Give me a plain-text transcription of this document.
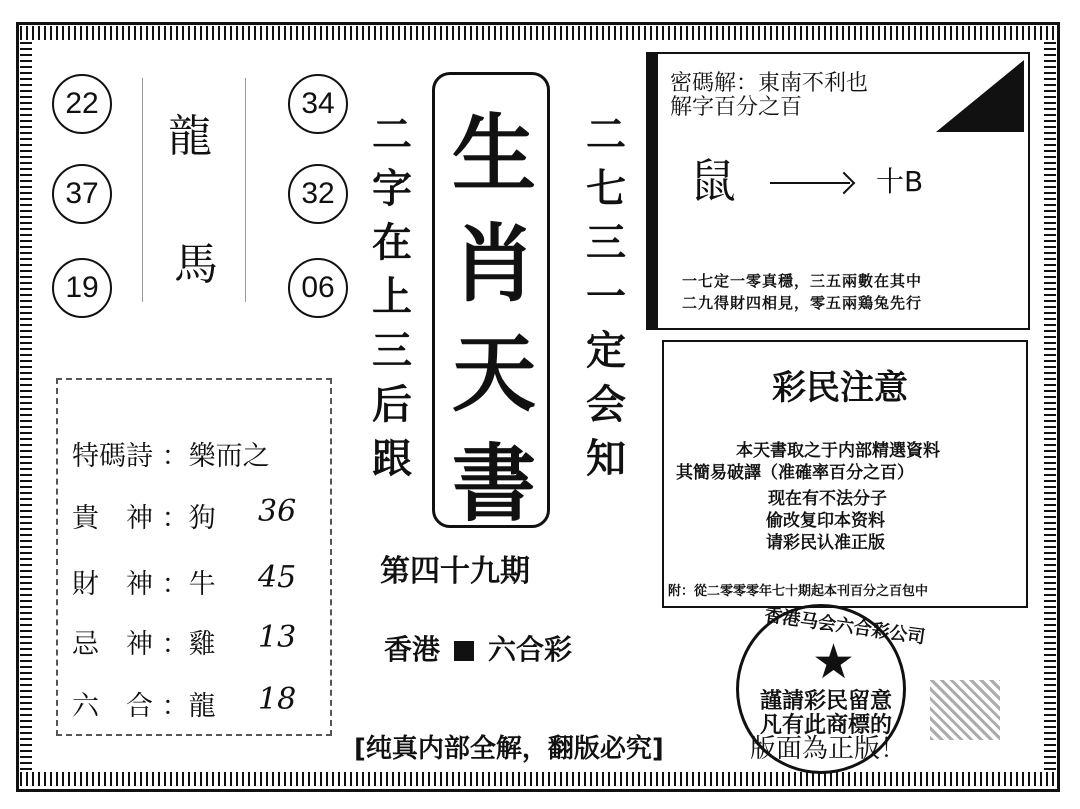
22	34
37	32
19	06
龍
馬
二
字
在
上
三
后
跟
二
七
三
一
定
会
知
生
肖
天
書
特碼詩 ：樂而之
貴　神 ：狗 36
財　神 ：牛 45
忌　神 ：雞 13
六　合 ：龍 18
第四十九期
香港 六合彩
[纯真内部全解，翻版必究]	版面為正版！
密碼解：東南不利也
解字百分之百
鼠	十B
一七定一零真穩，三五兩數在其中
二九得財四相見，零五兩鶏兔先行
彩民注意
本天書取之于内部精選資料
其簡易破譯（准確率百分之百）
现在有不法分子
偷改复印本资料
请彩民认准正版
附：從二零零零年七十期起本刊百分之百包中
香港马会六合彩公司
★
謹請彩民留意
凡有此商標的
